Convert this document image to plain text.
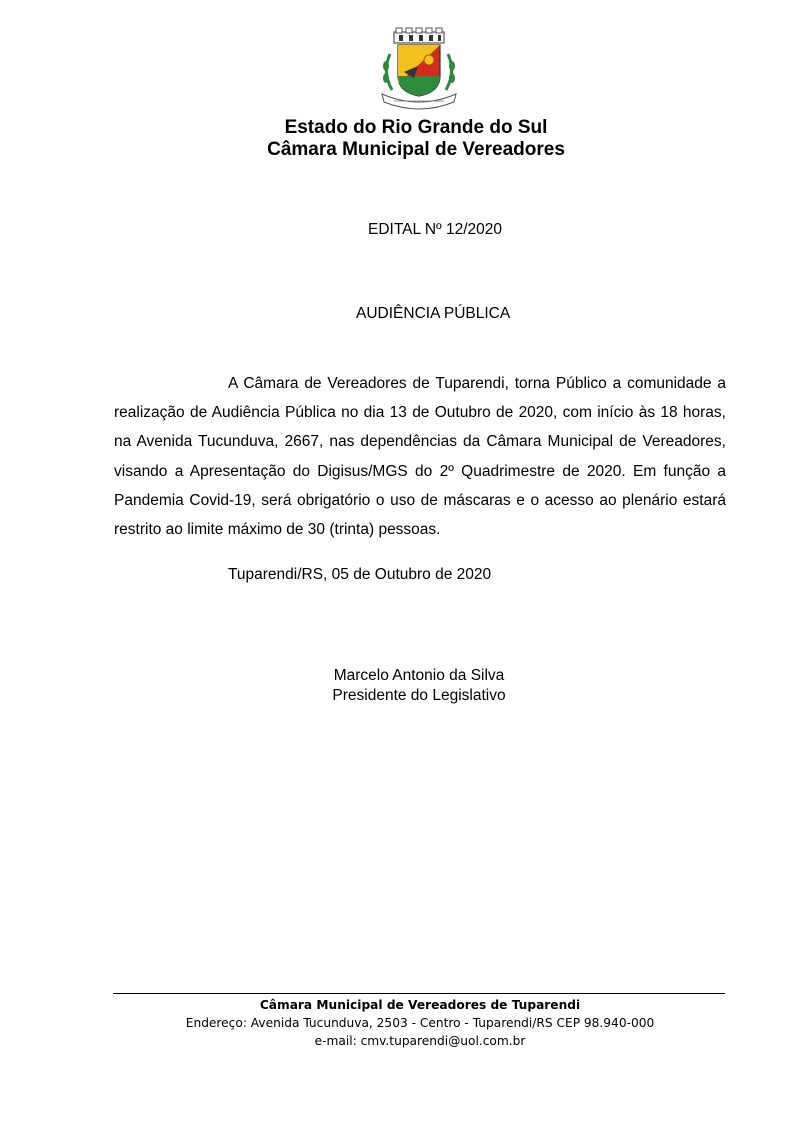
Estado do Rio Grande do Sul
Câmara Municipal de Vereadores
EDITAL Nº 12/2020
AUDIÊNCIA PÚBLICA

A Câmara de Vereadores de Tuparendi, torna Público a comunidade a realização de Audiência Pública no dia 13 de Outubro de 2020, com início às 18 horas, na Avenida Tucunduva, 2667, nas dependências da Câmara Municipal de Vereadores, visando a Apresentação do Digisus/MGS do 2º Quadrimestre de 2020. Em função a Pandemia Covid-19, será obrigatório o uso de máscaras e o acesso ao plenário estará restrito ao limite máximo de 30 (trinta) pessoas.

Tuparendi/RS, 05 de Outubro de 2020
Marcelo Antonio da Silva
Presidente do Legislativo
Câmara Municipal de Vereadores de Tuparendi
Endereço: Avenida Tucunduva, 2503 - Centro - Tuparendi/RS CEP 98.940-000
e-mail: cmv.tuparendi@uol.com.br
